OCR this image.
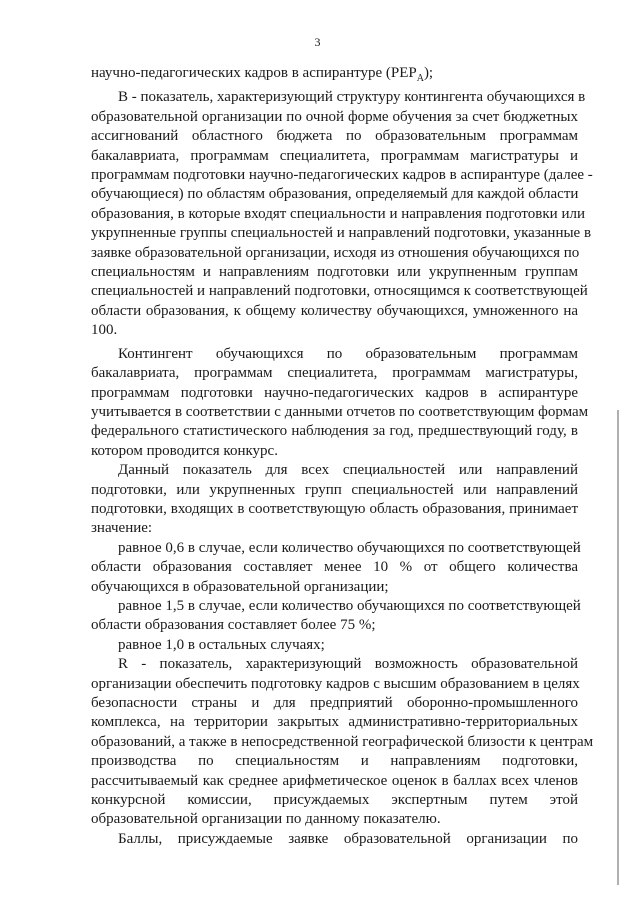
3
научно-педагогических кадров в аспирантуре $(PEP_A)$;
B - показатель, характеризующий структуру контингента обучающихся в
образовательной организации по очной форме обучения за счет бюджетных
ассигнований областного бюджета по образовательным программам
бакалавриата, программам специалитета, программам магистратуры и
программам подготовки научно-педагогических кадров в аспирантуре (далее -
обучающиеся) по областям образования, определяемый для каждой области
образования, в которые входят специальности и направления подготовки или
укрупненные группы специальностей и направлений подготовки, указанные в
заявке образовательной организации, исходя из отношения обучающихся по
специальностям и направлениям подготовки или укрупненным группам
специальностей и направлений подготовки, относящимся к соответствующей
области образования, к общему количеству обучающихся, умноженного на
100.
Контингент обучающихся по образовательным программам
бакалавриата, программам специалитета, программам магистратуры,
программам подготовки научно-педагогических кадров в аспирантуре
учитывается в соответствии с данными отчетов по соответствующим формам
федерального статистического наблюдения за год, предшествующий году, в
котором проводится конкурс.
Данный показатель для всех специальностей или направлений
подготовки, или укрупненных групп специальностей или направлений
подготовки, входящих в соответствующую область образования, принимает
значение:
равное 0,6 в случае, если количество обучающихся по соответствующей
области образования составляет менее 10 % от общего количества
обучающихся в образовательной организации;
равное 1,5 в случае, если количество обучающихся по соответствующей
области образования составляет более 75 %;
равное 1,0 в остальных случаях;
R - показатель, характеризующий возможность образовательной
организации обеспечить подготовку кадров с высшим образованием в целях
безопасности страны и для предприятий оборонно-промышленного
комплекса, на территории закрытых административно-территориальных
образований, а также в непосредственной географической близости к центрам
производства по специальностям и направлениям подготовки,
рассчитываемый как среднее арифметическое оценок в баллах всех членов
конкурсной комиссии, присуждаемых экспертным путем этой
образовательной организации по данному показателю.
Баллы, присуждаемые заявке образовательной организации по
